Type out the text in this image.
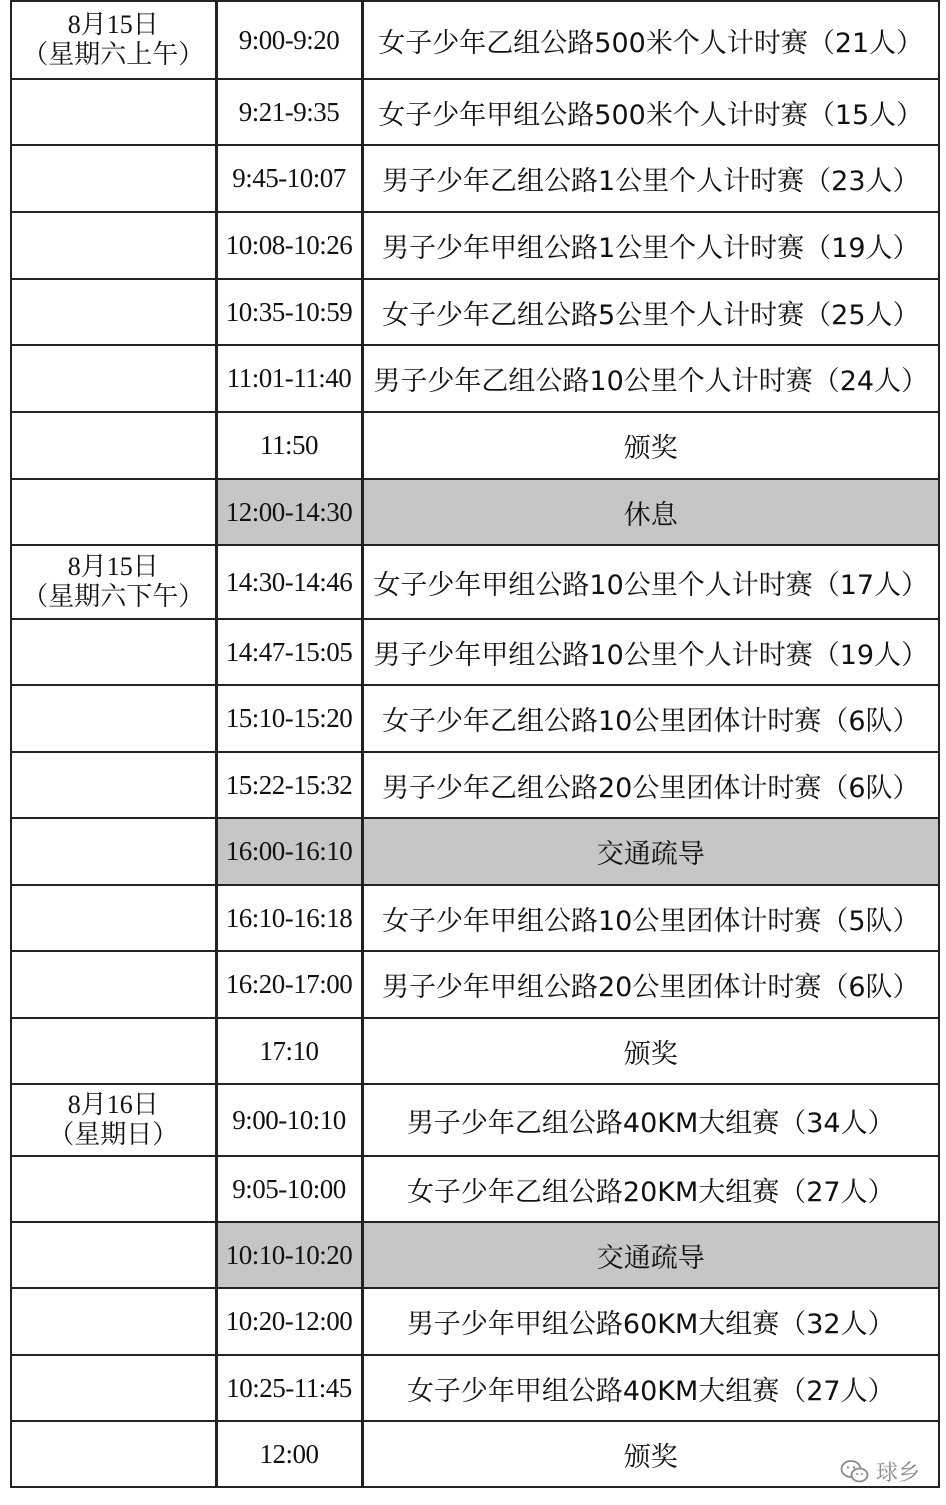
8月15日
（星期六上午）	9:00-9:20	女子少年乙组公路500米个人计时赛（21人）
	9:21-9:35	女子少年甲组公路500米个人计时赛（15人）
	9:45-10:07	男子少年乙组公路1公里个人计时赛（23人）
	10:08-10:26	男子少年甲组公路1公里个人计时赛（19人）
	10:35-10:59	女子少年乙组公路5公里个人计时赛（25人）
	11:01-11:40	男子少年乙组公路10公里个人计时赛（24人）
	11:50	颁奖
	12:00-14:30	休息

8月15日
（星期六下午）	14:30-14:46	女子少年甲组公路10公里个人计时赛（17人）
	14:47-15:05	男子少年甲组公路10公里个人计时赛（19人）
	15:10-15:20	女子少年乙组公路10公里团体计时赛（6队）
	15:22-15:32	男子少年乙组公路20公里团体计时赛（6队）
	16:00-16:10	交通疏导
	16:10-16:18	女子少年甲组公路10公里团体计时赛（5队）
	16:20-17:00	男子少年甲组公路20公里团体计时赛（6队）
	17:10	颁奖

8月16日
（星期日）	9:00-10:10	男子少年乙组公路40KM大组赛（34人）
	9:05-10:00	女子少年乙组公路20KM大组赛（27人）
	10:10-10:20	交通疏导
	10:20-12:00	男子少年甲组公路60KM大组赛（32人）
	10:25-11:45	女子少年甲组公路40KM大组赛（27人）
	12:00	颁奖
球乡
